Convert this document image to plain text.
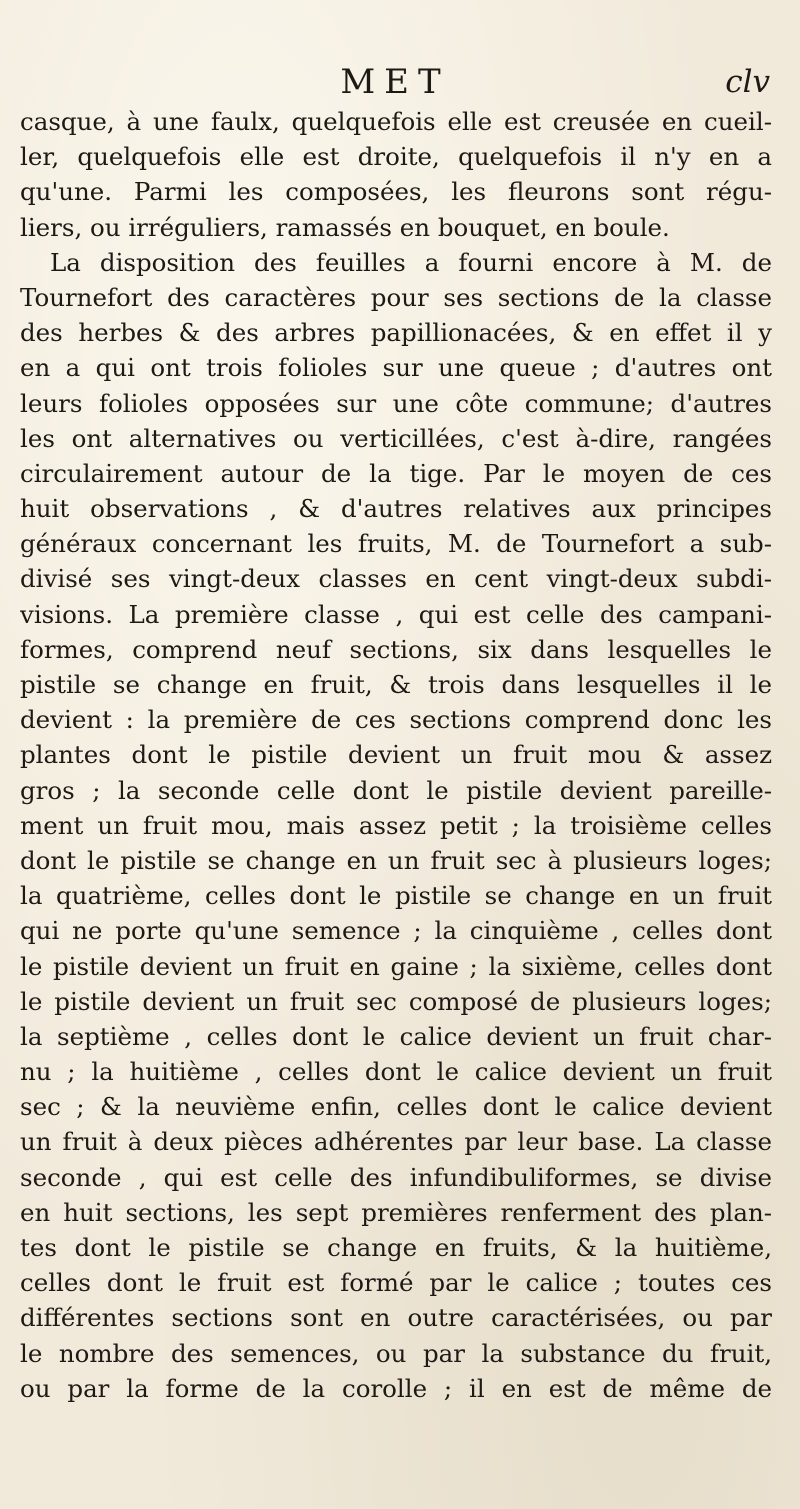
MET	clv
casque, à une faulx, quelquefois elle est creusée en cueil-
ler, quelquefois elle est droite, quelquefois il n'y en a
qu'une. Parmi les composées, les fleurons sont régu-
liers, ou irréguliers, ramassés en bouquet, en boule.
La disposition des feuilles a fourni encore à M. de
Tournefort des caractères pour ses sections de la classe
des herbes & des arbres papillionacées, & en effet il y
en a qui ont trois folioles sur une queue ; d'autres ont
leurs folioles opposées sur une côte commune; d'autres
les ont alternatives ou verticillées, c'est à-dire, rangées
circulairement autour de la tige. Par le moyen de ces
huit observations , & d'autres relatives aux principes
généraux concernant les fruits, M. de Tournefort a sub-
divisé ses vingt-deux classes en cent vingt-deux subdi-
visions. La première classe , qui est celle des campani-
formes, comprend neuf sections, six dans lesquelles le
pistile se change en fruit, & trois dans lesquelles il le
devient : la première de ces sections comprend donc les
plantes dont le pistile devient un fruit mou & assez
gros ; la seconde celle dont le pistile devient pareille-
ment un fruit mou, mais assez petit ; la troisième celles
dont le pistile se change en un fruit sec à plusieurs loges;
la quatrième, celles dont le pistile se change en un fruit
qui ne porte qu'une semence ; la cinquième , celles dont
le pistile devient un fruit en gaine ; la sixième, celles dont
le pistile devient un fruit sec composé de plusieurs loges;
la septième , celles dont le calice devient un fruit char-
nu ; la huitième , celles dont le calice devient un fruit
sec ; & la neuvième enfin, celles dont le calice devient
un fruit à deux pièces adhérentes par leur base. La classe
seconde , qui est celle des infundibuliformes, se divise
en huit sections, les sept premières renferment des plan-
tes dont le pistile se change en fruits, & la huitième,
celles dont le fruit est formé par le calice ; toutes ces
différentes sections sont en outre caractérisées, ou par
le nombre des semences, ou par la substance du fruit,
ou par la forme de la corolle ; il en est de même de
